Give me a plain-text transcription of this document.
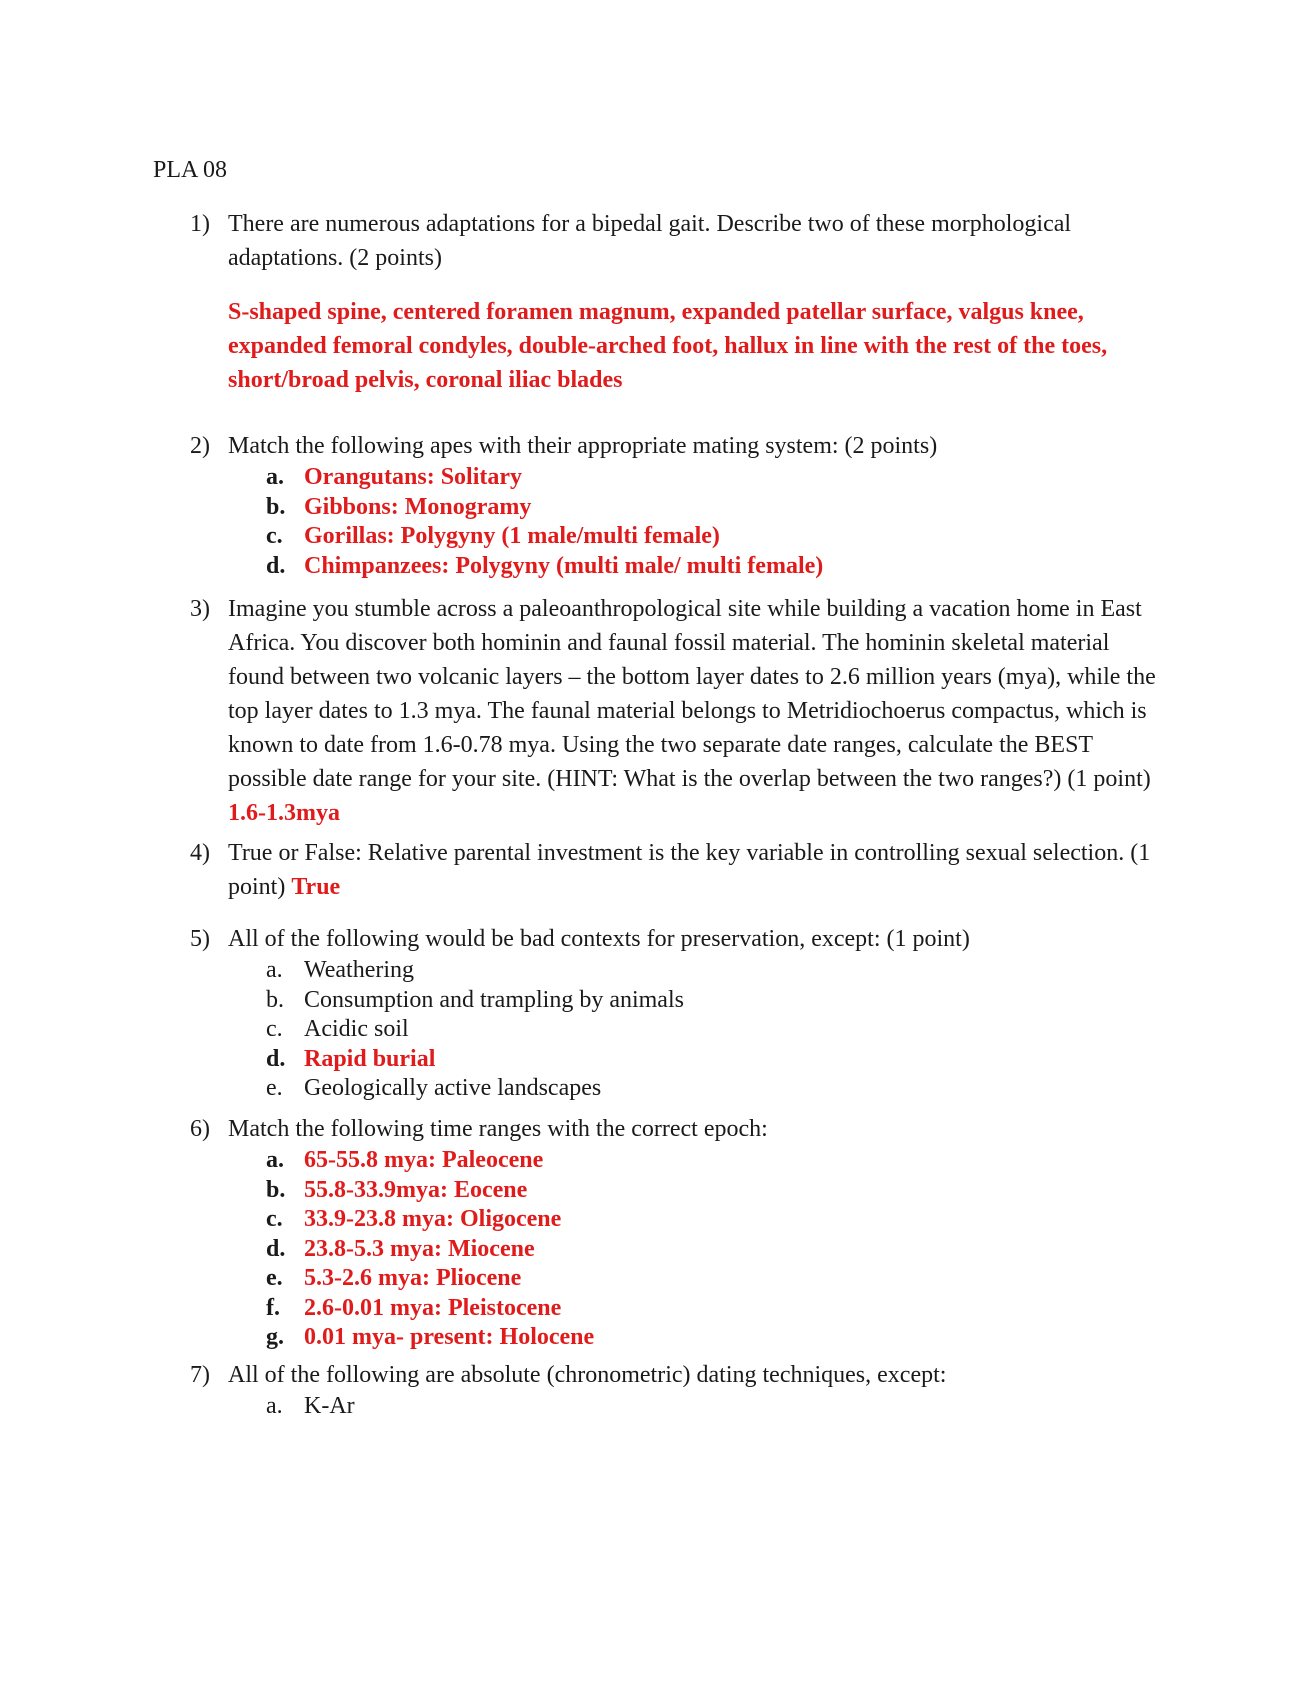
PLA 08
1) There are numerous adaptations for a bipedal gait. Describe two of these morphological adaptations. (2 points)
S-shaped spine, centered foramen magnum, expanded patellar surface, valgus knee, expanded femoral condyles, double-arched foot, hallux in line with the rest of the toes, short/broad pelvis, coronal iliac blades
2) Match the following apes with their appropriate mating system: (2 points)
a. Orangutans: Solitary
b. Gibbons: Monogramy
c. Gorillas: Polygyny (1 male/multi female)
d. Chimpanzees: Polygyny (multi male/ multi female)
3) Imagine you stumble across a paleoanthropological site while building a vacation home in East Africa. You discover both hominin and faunal fossil material. The hominin skeletal material found between two volcanic layers – the bottom layer dates to 2.6 million years (mya), while the top layer dates to 1.3 mya. The faunal material belongs to Metridiochoerus compactus, which is known to date from 1.6-0.78 mya. Using the two separate date ranges, calculate the BEST possible date range for your site. (HINT: What is the overlap between the two ranges?) (1 point) 1.6-1.3mya
4) True or False: Relative parental investment is the key variable in controlling sexual selection. (1 point) True
5) All of the following would be bad contexts for preservation, except: (1 point)
a. Weathering
b. Consumption and trampling by animals
c. Acidic soil
d. Rapid burial
e. Geologically active landscapes
6) Match the following time ranges with the correct epoch:
a. 65-55.8 mya: Paleocene
b. 55.8-33.9mya: Eocene
c. 33.9-23.8 mya: Oligocene
d. 23.8-5.3 mya: Miocene
e. 5.3-2.6 mya: Pliocene
f.	2.6-0.01 mya: Pleistocene
g. 0.01 mya- present: Holocene
7) All of the following are absolute (chronometric) dating techniques, except:
a. K-Ar
